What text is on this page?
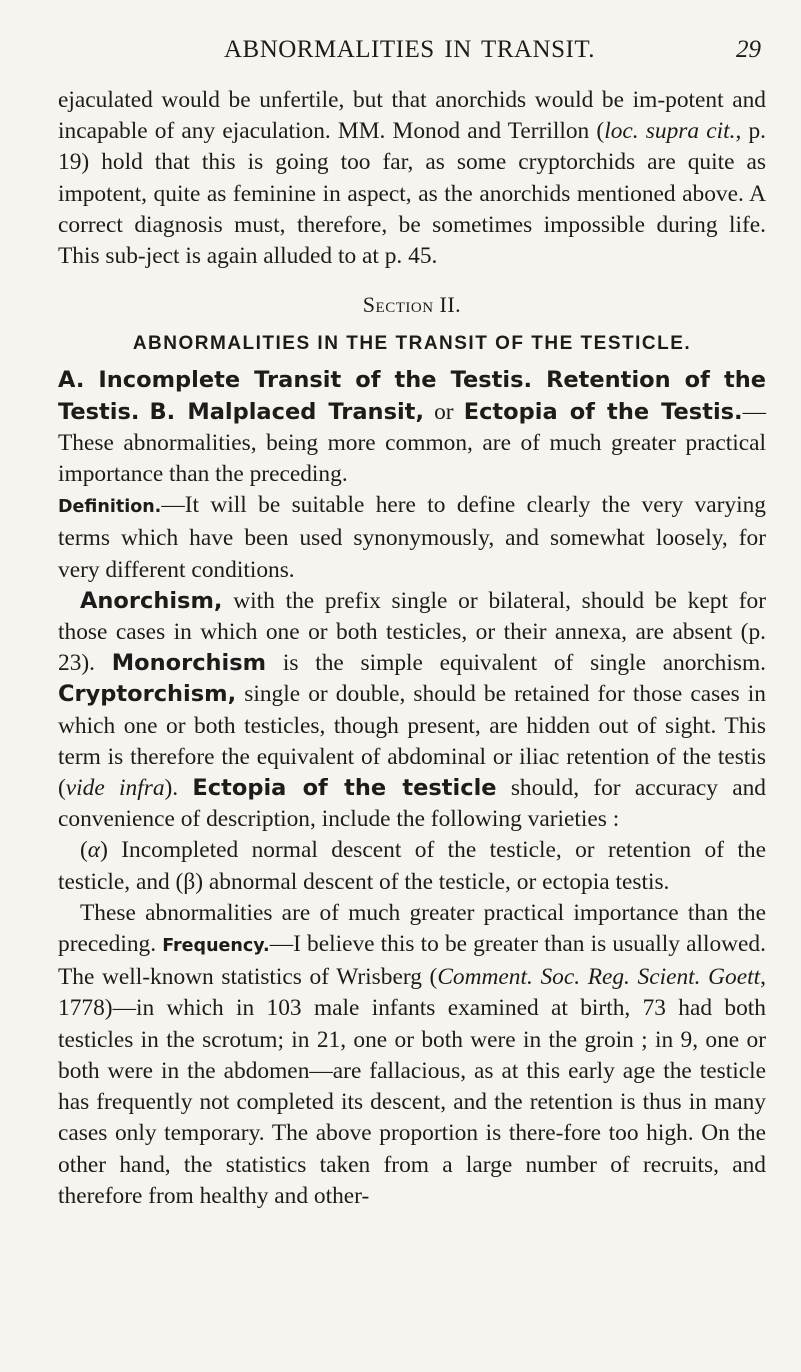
ABNORMALITIES IN TRANSIT.	29

ejaculated would be unfertile, but that anorchids would be im-potent and incapable of any ejaculation. MM. Monod and Terrillon (loc. supra cit., p. 19) hold that this is going too far, as some cryptorchids are quite as impotent, quite as feminine in aspect, as the anorchids mentioned above. A correct diagnosis must, therefore, be sometimes impossible during life. This sub-ject is again alluded to at p. 45.

Section II.
ABNORMALITIES IN THE TRANSIT OF THE TESTICLE.

A. Incomplete Transit of the Testis. Retention of the Testis. B. Malplaced Transit, or Ectopia of the Testis.—These abnormalities, being more common, are of much greater practical importance than the preceding.

Definition.—It will be suitable here to define clearly the very varying terms which have been used synonymously, and somewhat loosely, for very different conditions.

Anorchism, with the prefix single or bilateral, should be kept for those cases in which one or both testicles, or their annexa, are absent (p. 23). Monorchism is the simple equivalent of single anorchism. Cryptorchism, single or double, should be retained for those cases in which one or both testicles, though present, are hidden out of sight. This term is therefore the equivalent of abdominal or iliac retention of the testis (vide infra). Ectopia of the testicle should, for accuracy and convenience of description, include the following varieties :

(α) Incompleted normal descent of the testicle, or retention of the testicle, and (β) abnormal descent of the testicle, or ectopia testis.

These abnormalities are of much greater practical importance than the preceding. Frequency.—I believe this to be greater than is usually allowed. The well-known statistics of Wrisberg (Comment. Soc. Reg. Scient. Goett, 1778)—in which in 103 male infants examined at birth, 73 had both testicles in the scrotum; in 21, one or both were in the groin ; in 9, one or both were in the abdomen—are fallacious, as at this early age the testicle has frequently not completed its descent, and the retention is thus in many cases only temporary. The above proportion is there-fore too high. On the other hand, the statistics taken from a large number of recruits, and therefore from healthy and other-
